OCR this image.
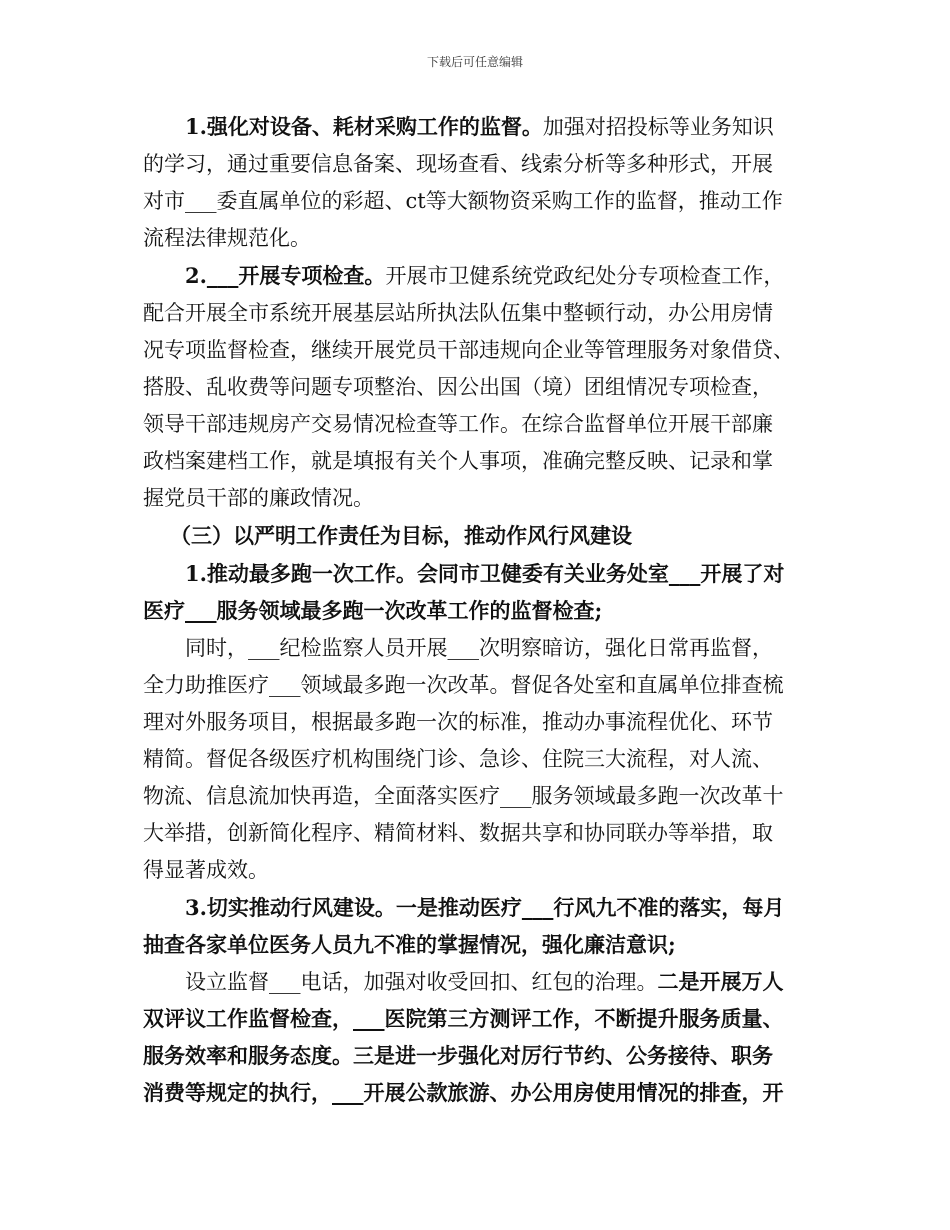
下载后可任意编辑
1.强化对设备、耗材采购工作的监督。加强对招投标等业务知识
的学习，通过重要信息备案、现场查看、线索分析等多种形式，开展
对市___委直属单位的彩超、ct等大额物资采购工作的监督，推动工作
流程法律规范化。
2.___开展专项检查。开展市卫健系统党政纪处分专项检查工作，
配合开展全市系统开展基层站所执法队伍集中整顿行动，办公用房情
况专项监督检查，继续开展党员干部违规向企业等管理服务对象借贷、
搭股、乱收费等问题专项整治、因公出国（境）团组情况专项检查，
领导干部违规房产交易情况检查等工作。在综合监督单位开展干部廉
政档案建档工作，就是填报有关个人事项，准确完整反映、记录和掌
握党员干部的廉政情况。
（三）以严明工作责任为目标，推动作风行风建设
1.推动最多跑一次工作。会同市卫健委有关业务处室___开展了对
医疗___服务领域最多跑一次改革工作的监督检查;
同时，___纪检监察人员开展___次明察暗访，强化日常再监督，
全力助推医疗___领域最多跑一次改革。督促各处室和直属单位排查梳
理对外服务项目，根据最多跑一次的标准，推动办事流程优化、环节
精简。督促各级医疗机构围绕门诊、急诊、住院三大流程，对人流、
物流、信息流加快再造，全面落实医疗___服务领域最多跑一次改革十
大举措，创新简化程序、精简材料、数据共享和协同联办等举措，取
得显著成效。
3.切实推动行风建设。一是推动医疗___行风九不准的落实，每月
抽查各家单位医务人员九不准的掌握情况，强化廉洁意识;
设立监督___电话，加强对收受回扣、红包的治理。二是开展万人
双评议工作监督检查，___医院第三方测评工作，不断提升服务质量、
服务效率和服务态度。三是进一步强化对厉行节约、公务接待、职务
消费等规定的执行，___开展公款旅游、办公用房使用情况的排查，开
